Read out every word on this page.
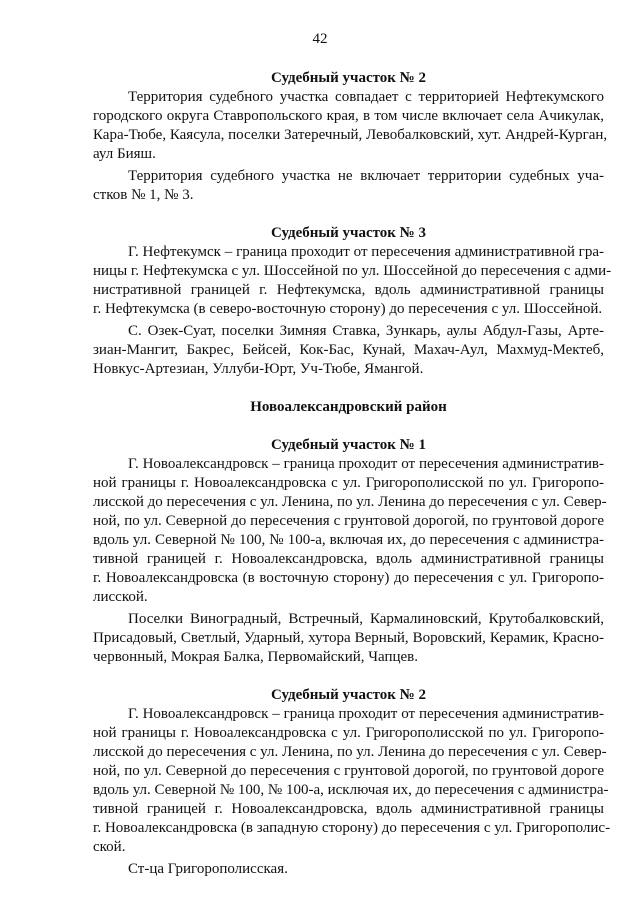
42
Судебный участок № 2
Территория судебного участка совпадает с территорией Нефтекумского
городского округа Ставропольского края, в том числе включает села Ачикулак,
Кара-Тюбе, Каясула, поселки Затеречный, Левобалковский, хут. Андрей-Курган,
аул Бияш.
Территория судебного участка не включает территории судебных уча-
стков № 1, № 3.
Судебный участок № 3
Г. Нефтекумск – граница проходит от пересечения административной гра-
ницы г. Нефтекумска с ул. Шоссейной по ул. Шоссейной до пересечения с адми-
нистративной границей г. Нефтекумска, вдоль административной границы
г. Нефтекумска (в северо-восточную сторону) до пересечения с ул. Шоссейной.
С. Озек-Суат, поселки Зимняя Ставка, Зункарь, аулы Абдул-Газы, Арте-
зиан-Мангит, Бакрес, Бейсей, Кок-Бас, Кунай, Махач-Аул, Махмуд-Мектеб,
Новкус-Артезиан, Уллуби-Юрт, Уч-Тюбе, Ямангой.
Новоалександровский район
Судебный участок № 1
Г. Новоалександровск – граница проходит от пересечения административ-
ной границы г. Новоалександровска с ул. Григорополисской по ул. Григоропо-
лисской до пересечения с ул. Ленина, по ул. Ленина до пересечения с ул. Север-
ной, по ул. Северной до пересечения с грунтовой дорогой, по грунтовой дороге
вдоль ул. Северной № 100, № 100-а, включая их, до пересечения с администра-
тивной границей г. Новоалександровска, вдоль административной границы
г. Новоалександровска (в восточную сторону) до пересечения с ул. Григоропо-
лисской.
Поселки Виноградный, Встречный, Кармалиновский, Крутобалковский,
Присадовый, Светлый, Ударный, хутора Верный, Воровский, Керамик, Красно-
червонный, Мокрая Балка, Первомайский, Чапцев.
Судебный участок № 2
Г. Новоалександровск – граница проходит от пересечения административ-
ной границы г. Новоалександровска с ул. Григорополисской по ул. Григоропо-
лисской до пересечения с ул. Ленина, по ул. Ленина до пересечения с ул. Север-
ной, по ул. Северной до пересечения с грунтовой дорогой, по грунтовой дороге
вдоль ул. Северной № 100, № 100-а, исключая их, до пересечения с администра-
тивной границей г. Новоалександровска, вдоль административной границы
г. Новоалександровска (в западную сторону) до пересечения с ул. Григорополис-
ской.
Ст-ца Григорополисская.
